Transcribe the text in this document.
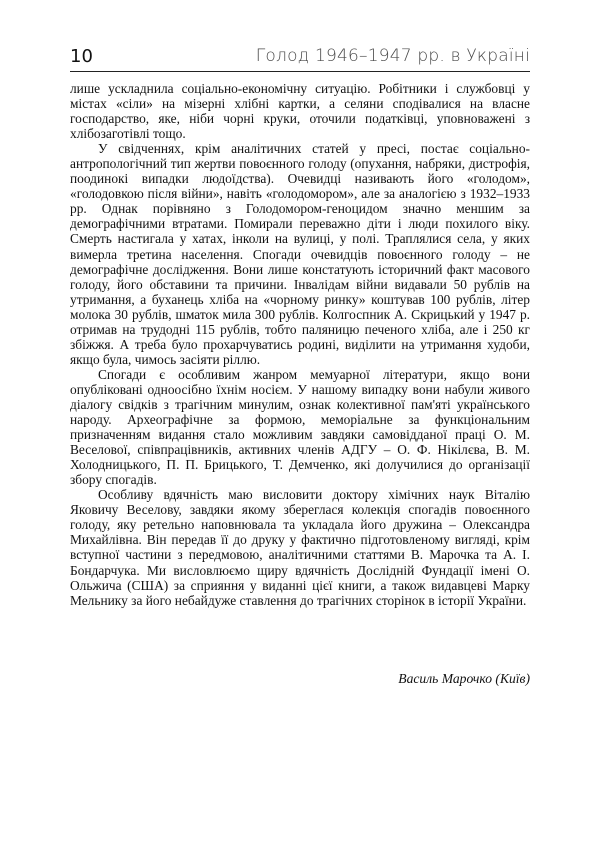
10	Голод 1946–1947 рр. в Україні

лише ускладнила соціально-економічну ситуацію. Робітники і службовці у містах «сіли» на мізерні хлібні картки, а селяни сподівалися на власне господарство, яке, ніби чорні круки, оточили податківці, уповноважені з хлібозаготівлі тощо.

У свідченнях, крім аналітичних статей у пресі, постає соціально-антропологічний тип жертви повоєнного голоду (опухання, набряки, дистрофія, поодинокі випадки людоїдства). Очевидці називають його «голодом», «голодовкою після війни», навіть «голодомором», але за аналогією з 1932–1933 рр. Однак порівняно з Голодомором-геноцидом значно меншим за демографічними втратами. Помирали переважно діти і люди похилого віку. Смерть настигала у хатах, інколи на вулиці, у полі. Траплялися села, у яких вимерла третина населення. Спогади очевидців повоєнного голоду – не демографічне дослідження. Вони лише констатують історичний факт масового голоду, його обставини та причини. Інвалідам війни видавали 50 рублів на утримання, а буханець хліба на «чорному ринку» коштував 100 рублів, літер молока 30 рублів, шматок мила 300 рублів. Колгоспник А. Скрицький у 1947 р. отримав на трудодні 115 рублів, тобто паляницю печеного хліба, але і 250 кг збіжжя. А треба було прохарчуватись родині, виділити на утримання худоби, якщо була, чимось засіяти ріллю.

Спогади є особливим жанром мемуарної літератури, якщо вони опубліковані одноосібно їхнім носієм. У нашому випадку вони набули живого діалогу свідків з трагічним минулим, ознак колективної пам'яті українського народу. Археографічне за формою, меморіальне за функціональним призначенням видання стало можливим завдяки самовідданої праці О. М. Веселової, співпрацівників, активних членів АДГУ – О. Ф. Нікілєва, В. М. Холодницького, П. П. Брицького, Т. Демченко, які долучилися до організації збору спогадів.

Особливу вдячність маю висловити доктору хімічних наук Віталію Яковичу Веселову, завдяки якому збереглася колекція спогадів повоєнного голоду, яку ретельно наповнювала та укладала його дружина – Олександра Михайлівна. Він передав її до друку у фактично підготовленому вигляді, крім вступної частини з передмовою, аналітичними статтями В. Марочка та А. І. Бондарчука. Ми висловлюємо щиру вдячність Дослідній Фундації імені О. Ольжича (США) за сприяння у виданні цієї книги, а також видавцеві Марку Мельнику за його небайдуже ставлення до трагічних сторінок в історії України.

Василь Марочко (Київ)
